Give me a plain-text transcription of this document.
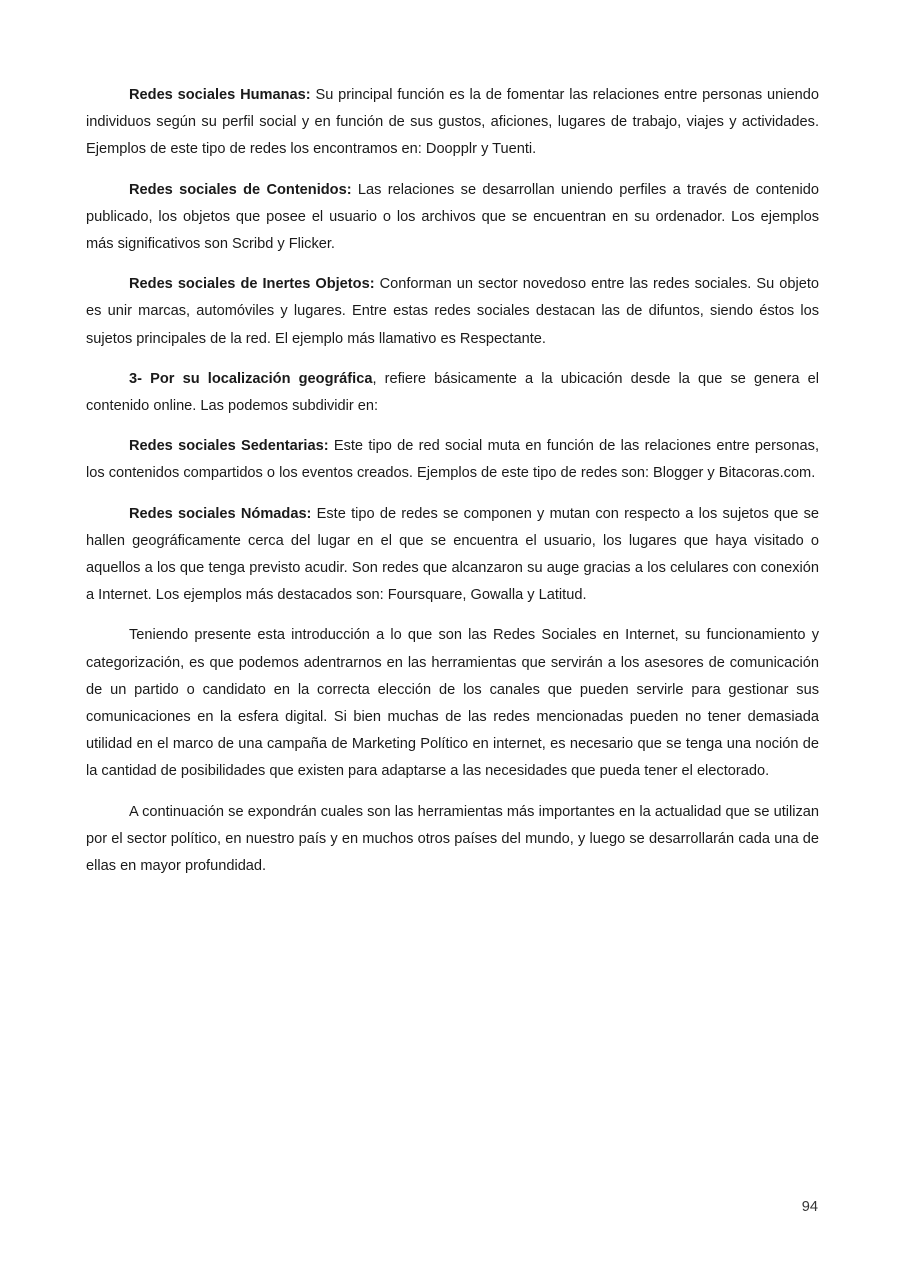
Redes sociales Humanas: Su principal función es la de fomentar las relaciones entre personas uniendo individuos según su perfil social y en función de sus gustos, aficiones, lugares de trabajo, viajes y actividades. Ejemplos de este tipo de redes los encontramos en: Doopplr y Tuenti.

Redes sociales de Contenidos: Las relaciones se desarrollan uniendo perfiles a través de contenido publicado, los objetos que posee el usuario o los archivos que se encuentran en su ordenador. Los ejemplos más significativos son Scribd y Flicker.

Redes sociales de Inertes Objetos: Conforman un sector novedoso entre las redes sociales. Su objeto es unir marcas, automóviles y lugares. Entre estas redes sociales destacan las de difuntos, siendo éstos los sujetos principales de la red. El ejemplo más llamativo es Respectante.

3- Por su localización geográfica, refiere básicamente a la ubicación desde la que se genera el contenido online. Las podemos subdividir en:

Redes sociales Sedentarias: Este tipo de red social muta en función de las relaciones entre personas, los contenidos compartidos o los eventos creados. Ejemplos de este tipo de redes son: Blogger y Bitacoras.com.

Redes sociales Nómadas: Este tipo de redes se componen y mutan con respecto a los sujetos que se hallen geográficamente cerca del lugar en el que se encuentra el usuario, los lugares que haya visitado o aquellos a los que tenga previsto acudir. Son redes que alcanzaron su auge gracias a los celulares con conexión a Internet. Los ejemplos más destacados son: Foursquare, Gowalla y Latitud.

Teniendo presente esta introducción a lo que son las Redes Sociales en Internet, su funcionamiento y categorización, es que podemos adentrarnos en las herramientas que servirán a los asesores de comunicación de un partido o candidato en la correcta elección de los canales que pueden servirle para gestionar sus comunicaciones en la esfera digital. Si bien muchas de las redes mencionadas pueden no tener demasiada utilidad en el marco de una campaña de Marketing Político en internet, es necesario que se tenga una noción de la cantidad de posibilidades que existen para adaptarse a las necesidades que pueda tener el electorado.

A continuación se expondrán cuales son las herramientas más importantes en la actualidad que se utilizan por el sector político, en nuestro país y en muchos otros países del mundo, y luego se desarrollarán cada una de ellas en mayor profundidad.

94
